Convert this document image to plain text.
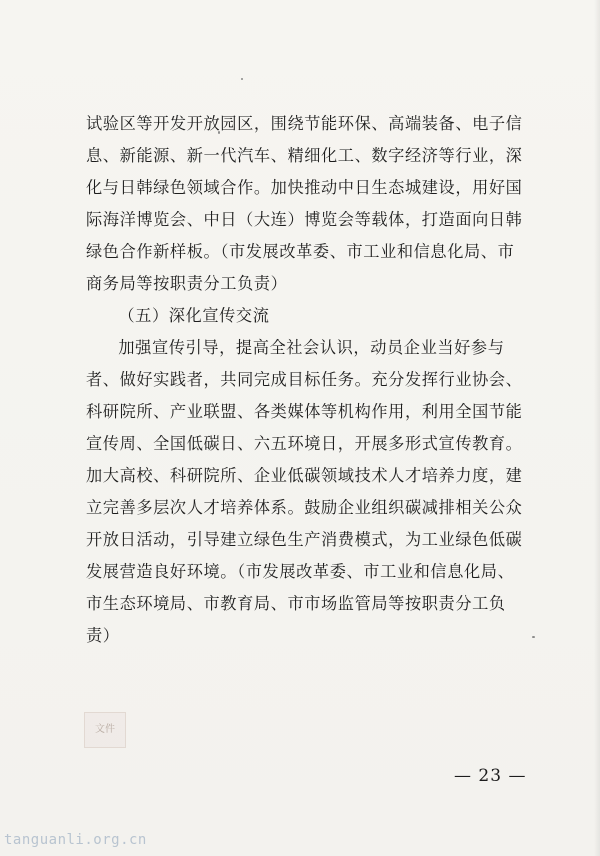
试验区等开发开放园区，围绕节能环保、高端装备、电子信息、新能源、新一代汽车、精细化工、数字经济等行业，深化与日韩绿色领域合作。加快推动中日生态城建设，用好国际海洋博览会、中日（大连）博览会等载体，打造面向日韩绿色合作新样板。（市发展改革委、市工业和信息化局、市商务局等按职责分工负责）

（五）深化宣传交流

加强宣传引导，提高全社会认识，动员企业当好参与者、做好实践者，共同完成目标任务。充分发挥行业协会、科研院所、产业联盟、各类媒体等机构作用，利用全国节能宣传周、全国低碳日、六五环境日，开展多形式宣传教育。加大高校、科研院所、企业低碳领域技术人才培养力度，建立完善多层次人才培养体系。鼓励企业组织碳减排相关公众开放日活动，引导建立绿色生产消费模式，为工业绿色低碳发展营造良好环境。（市发展改革委、市工业和信息化局、市生态环境局、市教育局、市市场监管局等按职责分工负责）

文件
— 23 —
tanguanli.org.cn
